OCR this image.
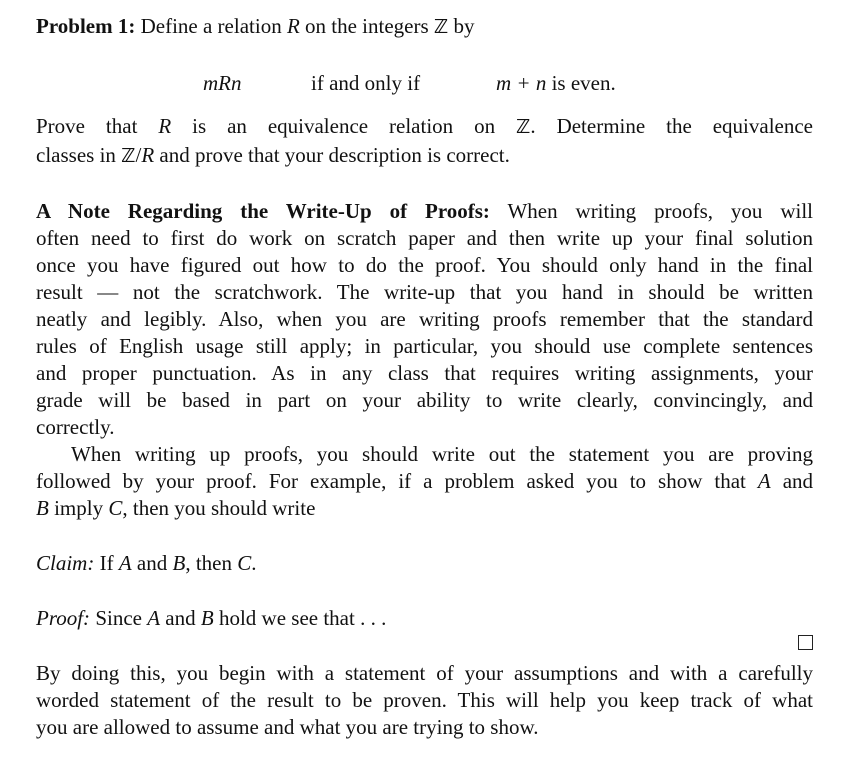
Problem 1: Define a relation R on the integers ℤ by
mRn	if and only if	m + n is even.
Prove that R is an equivalence relation on ℤ. Determine the equivalence
classes in ℤ/R and prove that your description is correct.
A Note Regarding the Write-Up of Proofs: When writing proofs, you will
often need to first do work on scratch paper and then write up your final solution
once you have figured out how to do the proof. You should only hand in the final
result — not the scratchwork. The write-up that you hand in should be written
neatly and legibly. Also, when you are writing proofs remember that the standard
rules of English usage still apply; in particular, you should use complete sentences
and proper punctuation. As in any class that requires writing assignments, your
grade will be based in part on your ability to write clearly, convincingly, and
correctly.
When writing up proofs, you should write out the statement you are proving
followed by your proof. For example, if a problem asked you to show that A and
B imply C, then you should write
Claim: If A and B, then C.
Proof: Since A and B hold we see that . . .
By doing this, you begin with a statement of your assumptions and with a carefully
worded statement of the result to be proven. This will help you keep track of what
you are allowed to assume and what you are trying to show.
